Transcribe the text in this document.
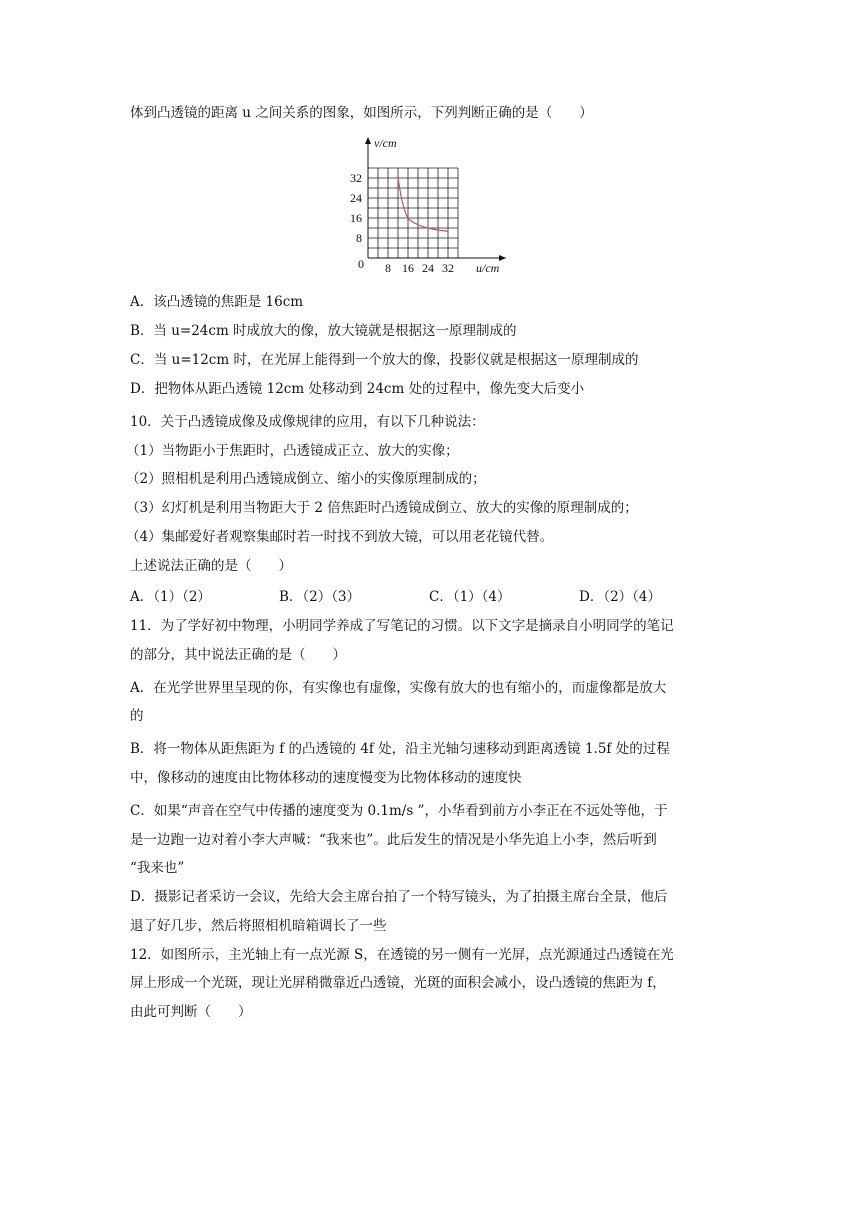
体到凸透镜的距离 u 之间关系的图象，如图所示，下列判断正确的是（　　）
8 16 24 32
8
16
24
32
0	u/cm
v/cm
A．该凸透镜的焦距是 16cm
B．当 u=24cm 时成放大的像，放大镜就是根据这一原理制成的
C．当 u=12cm 时，在光屏上能得到一个放大的像，投影仪就是根据这一原理制成的
D．把物体从距凸透镜 12cm 处移动到 24cm 处的过程中，像先变大后变小
10．关于凸透镜成像及成像规律的应用，有以下几种说法：
（1）当物距小于焦距时，凸透镜成正立、放大的实像；
（2）照相机是利用凸透镜成倒立、缩小的实像原理制成的；
（3）幻灯机是利用当物距大于 2 倍焦距时凸透镜成倒立、放大的实像的原理制成的；
（4）集邮爱好者观察集邮时若一时找不到放大镜，可以用老花镜代替。
上述说法正确的是（　　）
A．（1）（2）	B．（2）（3）	C．（1）（4）	D．（2）（4）
11．为了学好初中物理，小明同学养成了写笔记的习惯。以下文字是摘录自小明同学的笔记
的部分，其中说法正确的是（　　）
A．在光学世界里呈现的你，有实像也有虚像，实像有放大的也有缩小的，而虚像都是放大
的
B．将一物体从距焦距为 f 的凸透镜的 4f 处，沿主光轴匀速移动到距离透镜 1.5f 处的过程
中，像移动的速度由比物体移动的速度慢变为比物体移动的速度快
C．如果“声音在空气中传播的速度变为 0.1m/s ”，小华看到前方小李正在不远处等他，于
是一边跑一边对着小李大声喊：“我来也”。此后发生的情况是小华先追上小李，然后听到
“我来也”
D．摄影记者采访一会议，先给大会主席台拍了一个特写镜头，为了拍摄主席台全景，他后
退了好几步，然后将照相机暗箱调长了一些
12．如图所示，主光轴上有一点光源 S，在透镜的另一侧有一光屏，点光源通过凸透镜在光
屏上形成一个光斑，现让光屏稍微靠近凸透镜，光斑的面积会减小，设凸透镜的焦距为 f，
由此可判断（　　）
